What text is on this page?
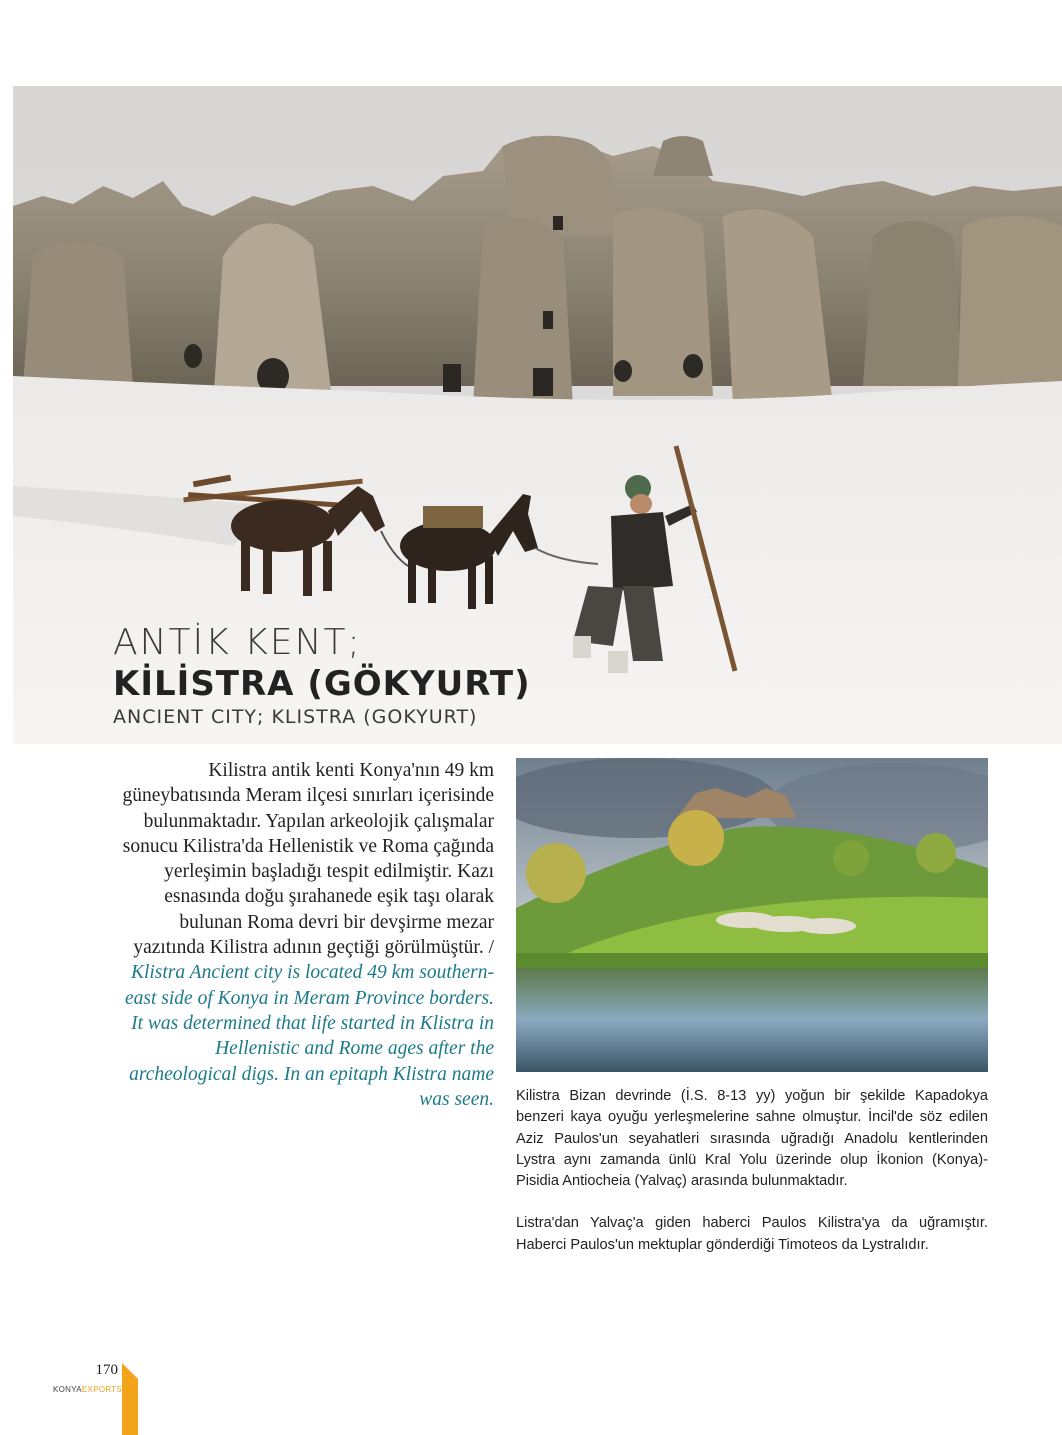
ANTİK KENT;
KİLİSTRA (GÖKYURT)
ANCIENT CITY; KLISTRA (GOKYURT)
Kilistra antik kenti Konya'nın 49 km güneybatısında Meram ilçesi sınırları içerisinde bulunmaktadır. Yapılan arkeolojik çalışmalar sonucu Kilistra'da Hellenistik ve Roma çağında yerleşimin başladığı tespit edilmiştir. Kazı esnasında doğu şırahanede eşik taşı olarak bulunan Roma devri bir devşirme mezar yazıtında Kilistra adının geçtiği görülmüştür. / Klistra Ancient city is located 49 km southern-east side of Konya in Meram Province borders. It was determined that life started in Klistra in Hellenistic and Rome ages after the archeological digs. In an epitaph Klistra name was seen. Kilistra Bizan devrinde (İ.S. 8-13 yy) yoğun bir şekilde Kapadokya benzeri kaya oyuğu yerleşmelerine sahne olmuştur. İncil'de söz edilen Aziz Paulos'un seyahatleri sırasında uğradığı Anadolu kentlerinden Lystra aynı zamanda ünlü Kral Yolu üzerinde olup İkonion (Konya)-Pisidia Antiocheia (Yalvaç) arasında bulunmaktadır.

Listra'dan Yalvaç'a giden haberci Paulos Kilistra'ya da uğramıştır. Haberci Paulos'un mektuplar gönderdiği Timoteos da Lystralıdır.

170
KONYAEXPORTS
